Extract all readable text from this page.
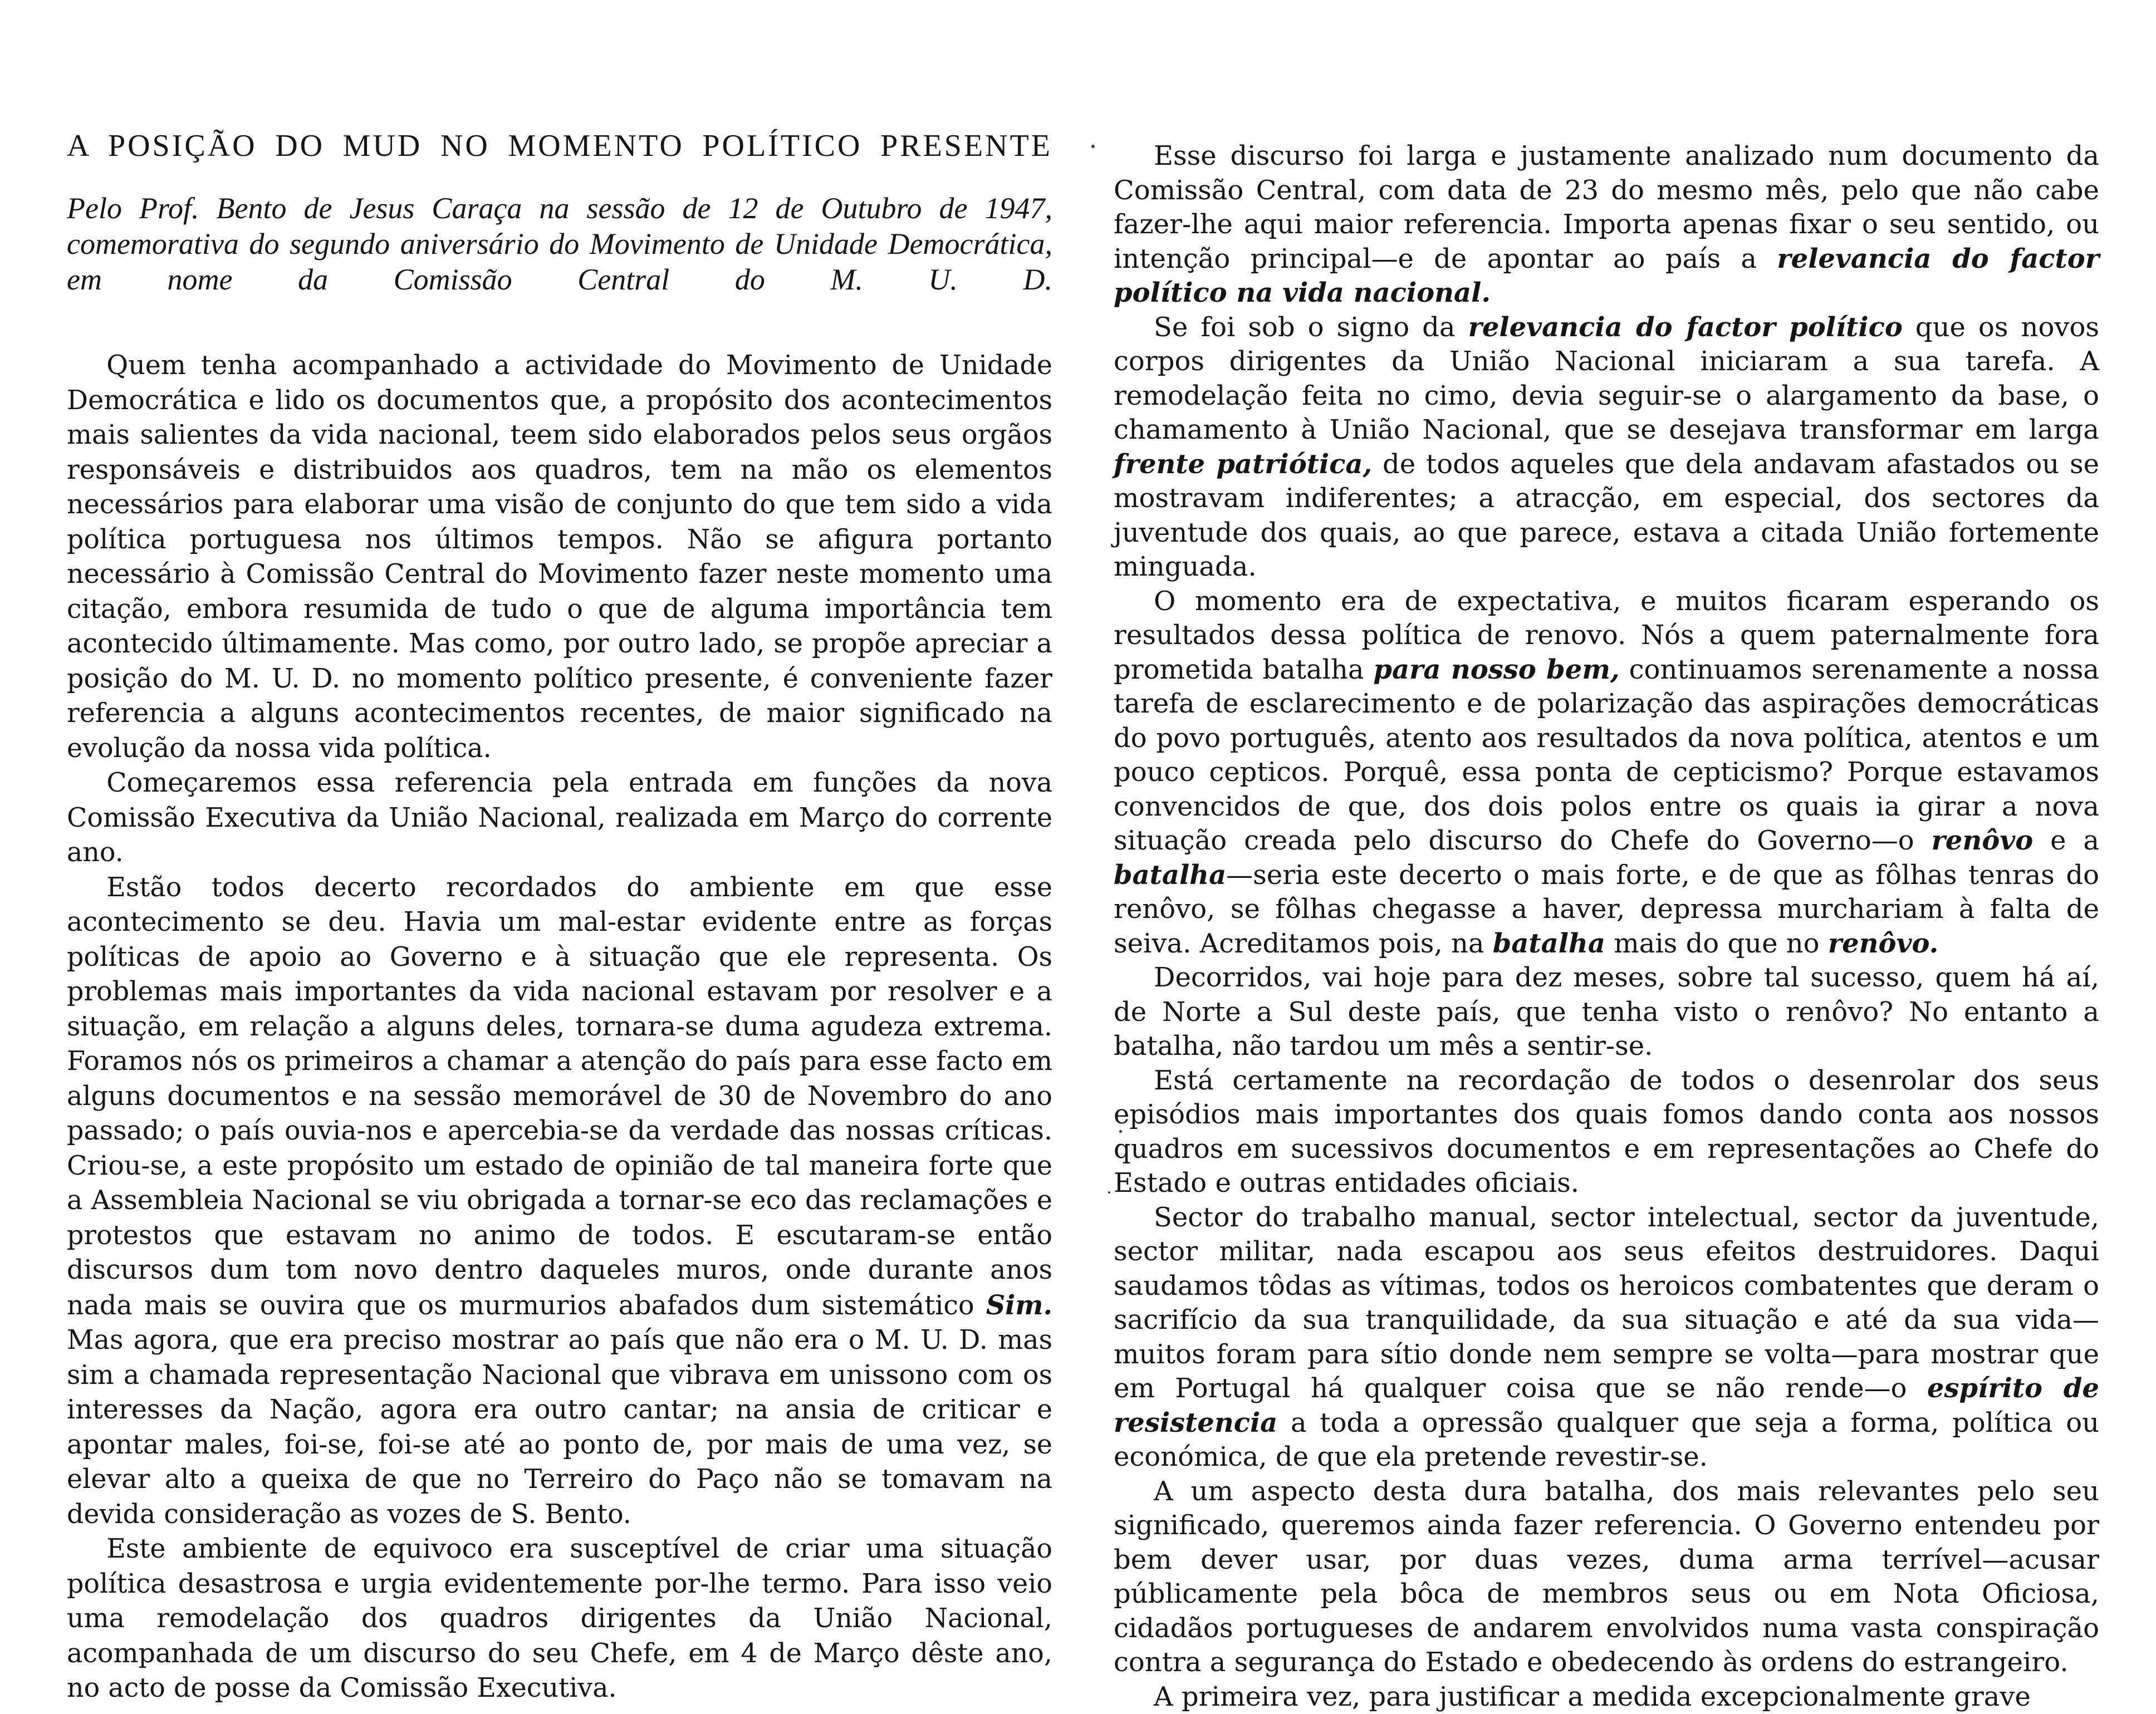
A POSIÇÃO DO MUD NO MOMENTO POLÍTICO PRESENTE

Pelo Prof. Bento de Jesus Caraça na sessão de 12 de Outubro de 1947, comemorativa do segundo aniversário do Movimento de Unidade Democrática, em nome da Comissão Central do M. U. D.

Quem tenha acompanhado a actividade do Movimento de Unidade Democrática e lido os documentos que, a propósito dos acontecimentos mais salientes da vida nacional, teem sido elaborados pelos seus orgãos responsáveis e distribuidos aos quadros, tem na mão os elementos necessários para elaborar uma visão de conjunto do que tem sido a vida política portuguesa nos últimos tempos. Não se afigura portanto necessário à Comissão Central do Movimento fazer neste momento uma citação, embora resumida de tudo o que de alguma importância tem acontecido últimamente. Mas como, por outro lado, se propõe apreciar a posição do M. U. D. no momento político presente, é conveniente fazer referencia a alguns acontecimentos recentes, de maior significado na evolução da nossa vida política.

Começaremos essa referencia pela entrada em funções da nova Comissão Executiva da União Nacional, realizada em Março do corrente ano.

Estão todos decerto recordados do ambiente em que esse acontecimento se deu. Havia um mal-estar evidente entre as forças políticas de apoio ao Governo e à situação que ele representa. Os problemas mais importantes da vida nacional estavam por resolver e a situação, em relação a alguns deles, tornara-se duma agudeza extrema. Foramos nós os primeiros a chamar a atenção do país para esse facto em alguns documentos e na sessão memorável de 30 de Novembro do ano passado; o país ouvia-nos e apercebia-se da verdade das nossas críticas. Criou-se, a este propósito um estado de opinião de tal maneira forte que a Assembleia Nacional se viu obrigada a tornar-se eco das reclamações e protestos que estavam no animo de todos. E escutaram-se então discursos dum tom novo dentro daqueles muros, onde durante anos nada mais se ouvira que os murmurios abafados dum sistemático Sim. Mas agora, que era preciso mostrar ao país que não era o M. U. D. mas sim a chamada representação Nacional que vibrava em unissono com os interesses da Nação, agora era outro cantar; na ansia de criticar e apontar males, foi-se, foi-se até ao ponto de, por mais de uma vez, se elevar alto a queixa de que no Terreiro do Paço não se tomavam na devida consideração as vozes de S. Bento.

Este ambiente de equivoco era susceptível de criar uma situação política desastrosa e urgia evidentemente por-lhe termo. Para isso veio uma remodelação dos quadros dirigentes da União Nacional, acompanhada de um discurso do seu Chefe, em 4 de Março dêste ano, no acto de posse da Comissão Executiva.

Esse discurso foi larga e justamente analizado num documento da Comissão Central, com data de 23 do mesmo mês, pelo que não cabe fazer-lhe aqui maior referencia. Importa apenas fixar o seu sentido, ou intenção principal—e de apontar ao país a relevancia do factor político na vida nacional.

Se foi sob o signo da relevancia do factor político que os novos corpos dirigentes da União Nacional iniciaram a sua tarefa. A remodelação feita no cimo, devia seguir-se o alargamento da base, o chamamento à União Nacional, que se desejava transformar em larga frente patriótica, de todos aqueles que dela andavam afastados ou se mostravam indiferentes; a atracção, em especial, dos sectores da juventude dos quais, ao que parece, estava a citada União fortemente minguada.

O momento era de expectativa, e muitos ficaram esperando os resultados dessa política de renovo. Nós a quem paternalmente fora prometida batalha para nosso bem, continuamos serenamente a nossa tarefa de esclarecimento e de polarização das aspirações democráticas do povo português, atento aos resultados da nova política, atentos e um pouco cepticos. Porquê, essa ponta de cepticismo? Porque estavamos convencidos de que, dos dois polos entre os quais ia girar a nova situação creada pelo discurso do Chefe do Governo—o renôvo e a batalha—seria este decerto o mais forte, e de que as fôlhas tenras do renôvo, se fôlhas chegasse a haver, depressa murchariam à falta de seiva. Acreditamos pois, na batalha mais do que no renôvo.

Decorridos, vai hoje para dez meses, sobre tal sucesso, quem há aí, de Norte a Sul deste país, que tenha visto o renôvo? No entanto a batalha, não tardou um mês a sentir-se.

Está certamente na recordação de todos o desenrolar dos seus episódios mais importantes dos quais fomos dando conta aos nossos quadros em sucessivos documentos e em representações ao Chefe do Estado e outras entidades oficiais.

Sector do trabalho manual, sector intelectual, sector da juventude, sector militar, nada escapou aos seus efeitos destruidores. Daqui saudamos tôdas as vítimas, todos os heroicos combatentes que deram o sacrifício da sua tranquilidade, da sua situação e até da sua vida—muitos foram para sítio donde nem sempre se volta—para mostrar que em Portugal há qualquer coisa que se não rende—o espírito de resistencia a toda a opressão qualquer que seja a forma, política ou económica, de que ela pretende revestir-se.

A um aspecto desta dura batalha, dos mais relevantes pelo seu significado, queremos ainda fazer referencia. O Governo entendeu por bem dever usar, por duas vezes, duma arma terrível—acusar públicamente pela bôca de membros seus ou em Nota Oficiosa, cidadãos portugueses de andarem envolvidos numa vasta conspiração contra a segurança do Estado e obedecendo às ordens do estrangeiro.

A primeira vez, para justificar a medida excepcionalmente grave
